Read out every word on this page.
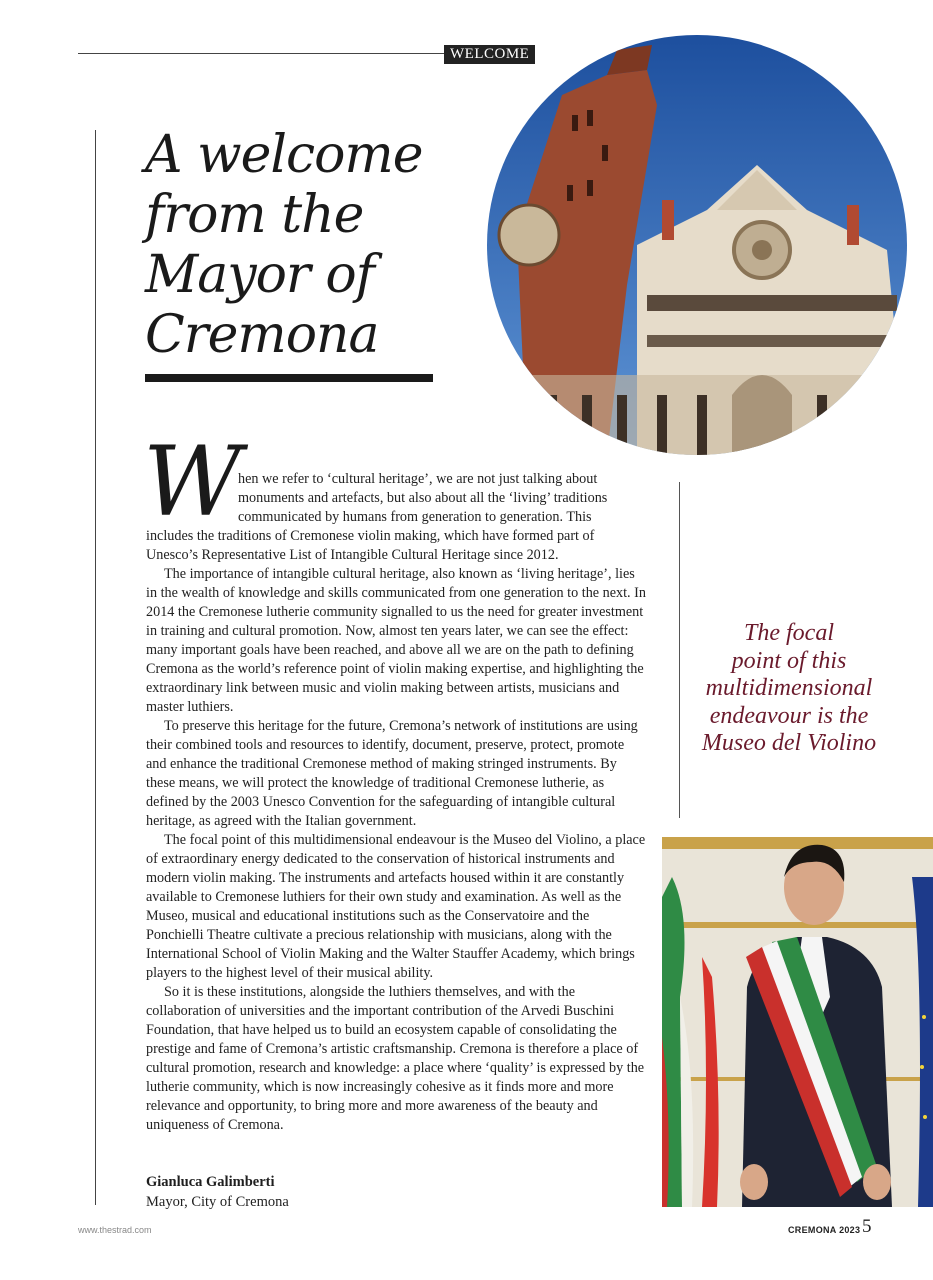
WELCOME
A welcome
from the
Mayor of
Cremona
W

hen we refer to ‘cultural heritage’, we are not just talking about

monuments and artefacts, but also about all the ‘living’ traditions

communicated by humans from generation to generation. This

includes the traditions of Cremonese violin making, which have formed part of Unesco’s Representative List of Intangible Cultural Heritage since 2012.

The importance of intangible cultural heritage, also known as ‘living heritage’, lies in the wealth of knowledge and skills communicated from one generation to the next. In 2014 the Cremonese lutherie community signalled to us the need for greater investment in training and cultural promotion. Now, almost ten years later, we can see the effect: many important goals have been reached, and above all we are on the path to defining Cremona as the world’s reference point of violin making expertise, and highlighting the extraordinary link between music and violin making between artists, musicians and master luthiers.

To preserve this heritage for the future, Cremona’s network of institutions are using their combined tools and resources to identify, document, preserve, protect, promote and enhance the traditional Cremonese method of making stringed instruments. By these means, we will protect the knowledge of traditional Cremonese lutherie, as defined by the 2003 Unesco Convention for the safeguarding of intangible cultural heritage, as agreed with the Italian government.

The focal point of this multidimensional endeavour is the Museo del Violino, a place of extraordinary energy dedicated to the conservation of historical instruments and modern violin making. The instruments and artefacts housed within it are constantly available to Cremonese luthiers for their own study and examination. As well as the Museo, musical and educational institutions such as the Conservatoire and the Ponchielli Theatre cultivate a precious relationship with musicians, along with the International School of Violin Making and the Walter Stauffer Academy, which brings players to the highest level of their musical ability.

So it is these institutions, alongside the luthiers themselves, and with the collaboration of universities and the important contribution of the Arvedi Buschini Foundation, that have helped us to build an ecosystem capable of consolidating the prestige and fame of Cremona’s artistic craftsmanship. Cremona is therefore a place of cultural promotion, research and knowledge: a place where ‘quality’ is expressed by the lutherie community, which is now increasingly cohesive as it finds more and more relevance and opportunity, to bring more and more awareness of the beauty and uniqueness of Cremona.

Gianluca Galimberti
Mayor, City of Cremona
The focal
point of this
multidimensional
endeavour is the
Museo del Violino
www.thestrad.com	CREMONA 2023 5
